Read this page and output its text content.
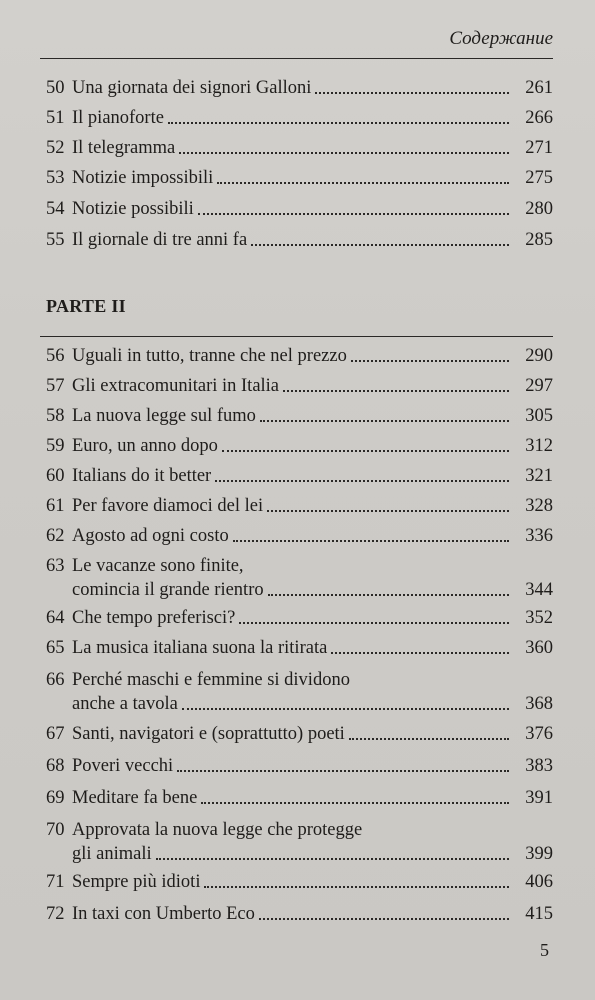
Содержание
50 Una giornata dei signori Galloni	261
51 Il pianoforte	266
52 Il telegramma	271
53 Notizie impossibili	275
54 Notizie possibili	280
55 Il giornale di tre anni fa	285
PARTE II
56 Uguali in tutto, tranne che nel prezzo	290
57 Gli extracomunitari in Italia	297
58 La nuova legge sul fumo	305
59 Euro, un anno dopo	312
60 Italians do it better	321
61 Per favore diamoci del lei	328
62 Agosto ad ogni costo	336
63 Le vacanze sono finite,
comincia il grande rientro	344
64 Che tempo preferisci?	352
65 La musica italiana suona la ritirata	360
66 Perché maschi e femmine si dividono
anche a tavola	368
67 Santi, navigatori e (soprattutto) poeti	376
68 Poveri vecchi	383
69 Meditare fa bene	391
70 Approvata la nuova legge che protegge
gli animali	399
71 Sempre più idioti	406
72 In taxi con Umberto Eco	415
5
